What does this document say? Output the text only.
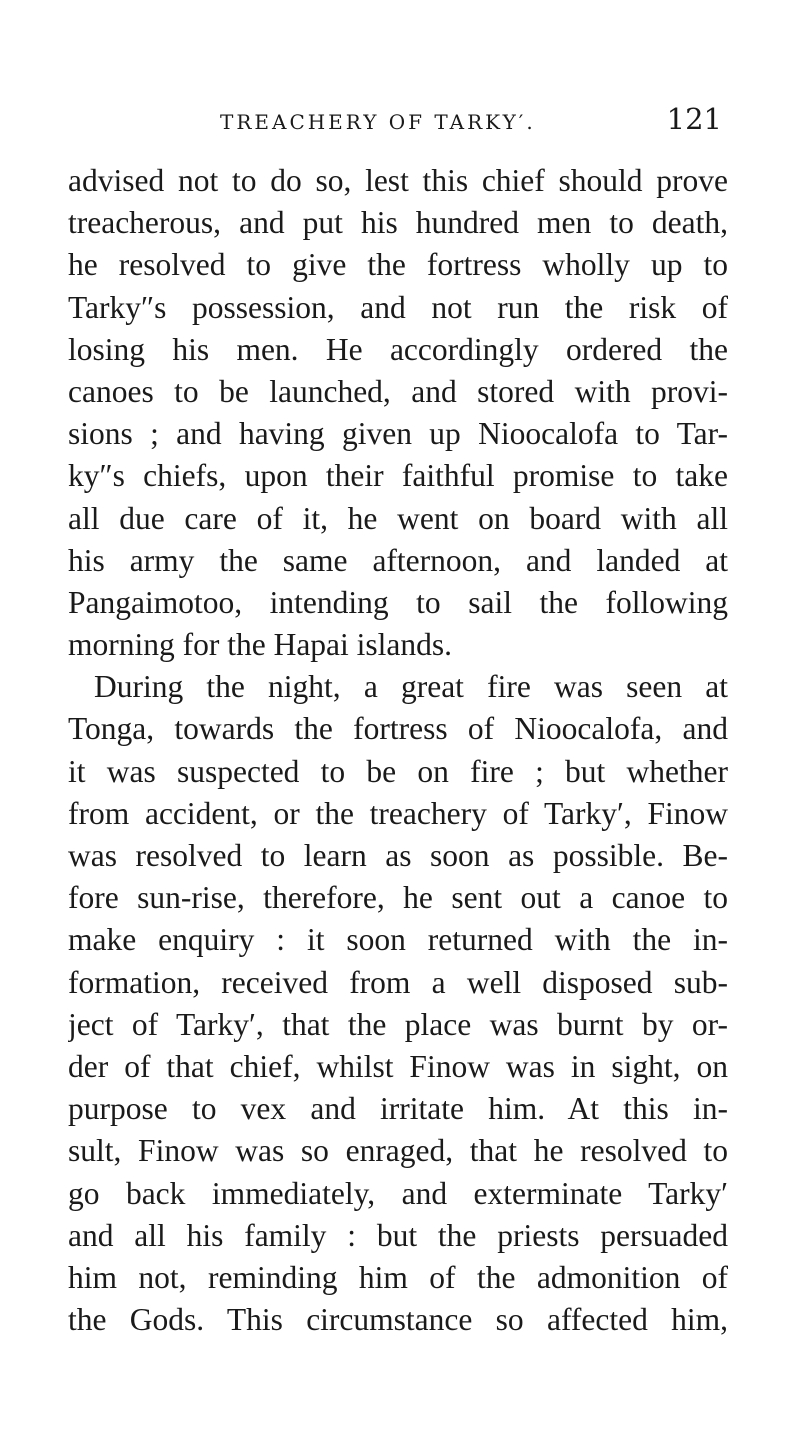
TREACHERY OF TARKY′.	121
advised not to do so, lest this chief should prove
treacherous, and put his hundred men to death,
he resolved to give the fortress wholly up to
Tarky″s possession, and not run the risk of
losing his men. He accordingly ordered the
canoes to be launched, and stored with provi-
sions ; and having given up Nioocalofa to Tar-
ky″s chiefs, upon their faithful promise to take
all due care of it, he went on board with all
his army the same afternoon, and landed at
Pangaimotoo, intending to sail the following
morning for the Hapai islands.
During the night, a great fire was seen at
Tonga, towards the fortress of Nioocalofa, and
it was suspected to be on fire ; but whether
from accident, or the treachery of Tarky′, Finow
was resolved to learn as soon as possible. Be-
fore sun-rise, therefore, he sent out a canoe to
make enquiry : it soon returned with the in-
formation, received from a well disposed sub-
ject of Tarky′, that the place was burnt by or-
der of that chief, whilst Finow was in sight, on
purpose to vex and irritate him. At this in-
sult, Finow was so enraged, that he resolved to
go back immediately, and exterminate Tarky′
and all his family : but the priests persuaded
him not, reminding him of the admonition of
the Gods. This circumstance so affected him,
